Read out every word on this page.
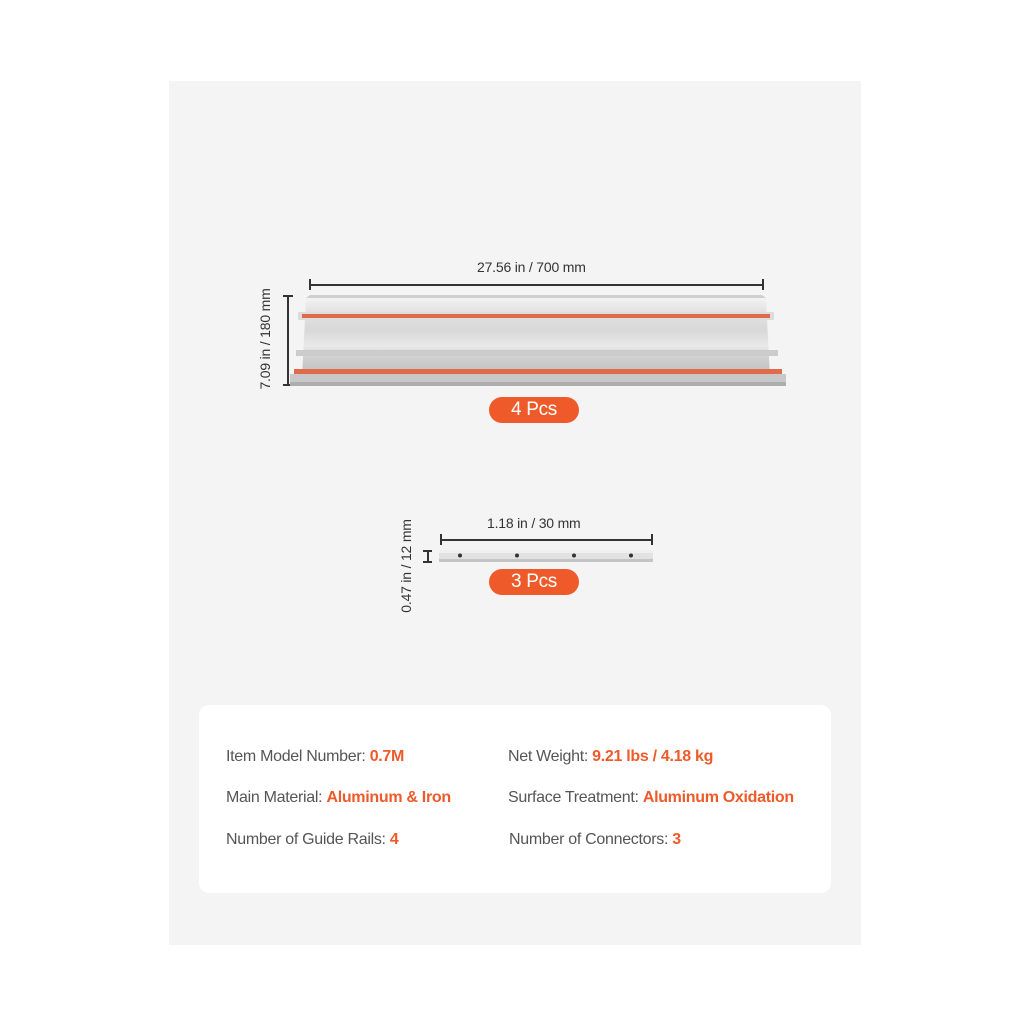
27.56 in / 700 mm
7.09 in / 180 mm
4 Pcs
1.18 in / 30 mm
0.47 in / 12 mm	3 Pcs
Item Model Number: 0.7M	Net Weight: 9.21 lbs / 4.18 kg
Main Material: Aluminum & Iron	Surface Treatment: Aluminum Oxidation
Number of Guide Rails: 4	Number of Connectors: 3
